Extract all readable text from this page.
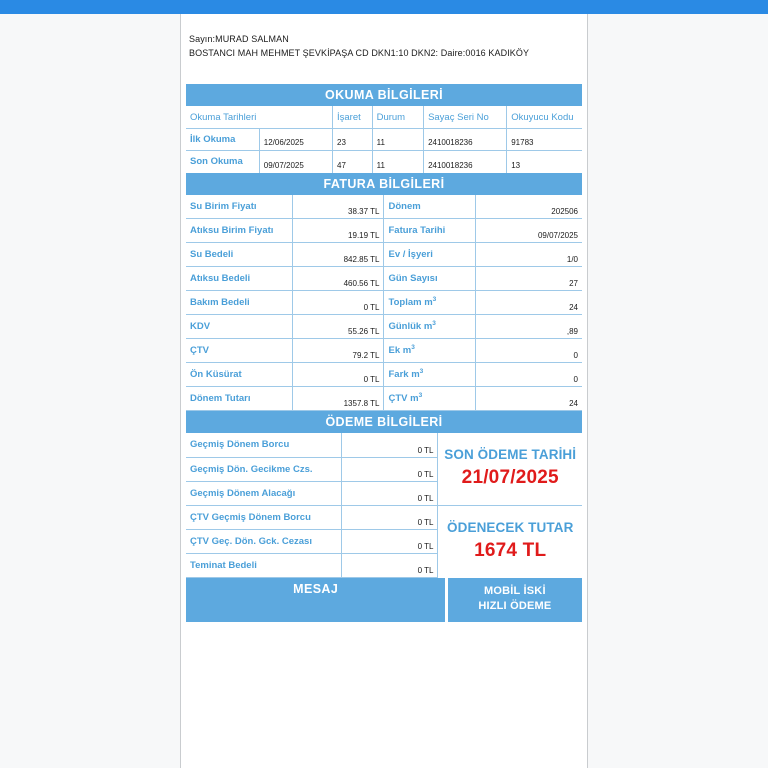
Sayın:MURAD SALMAN
BOSTANCI MAH MEHMET ŞEVKİPAŞA CD DKN1:10 DKN2: Daire:0016 KADIKÖY
OKUMA BİLGİLERİ
Okuma Tarihleri		İşaret	Durum	Sayaç Seri No	Okuyucu Kodu
İlk Okuma	12/06/2025	23	11	2410018236	91783
Son Okuma	09/07/2025	47	11	2410018236	13
FATURA BİLGİLERİ
Su Birim Fiyatı	38.37 TL	Dönem	202506
Atıksu Birim Fiyatı	19.19 TL	Fatura Tarihi	09/07/2025
Su Bedeli	842.85 TL	Ev / İşyeri	1/0
Atıksu Bedeli	460.56 TL	Gün Sayısı	27
Bakım Bedeli	0 TL	Toplam $m^3$	24
KDV	55.26 TL	Günlük $m^3$	,89
ÇTV	79.2 TL	Ek $m^3$	0
Ön Küsürat	0 TL	Fark $m^3$	0
Dönem Tutarı	1357.8 TL	ÇTV $m^3$	24
ÖDEME BİLGİLERİ
Geçmiş Dönem Borcu	0 TL
Geçmiş Dön. Gecikme Czs.	0 TL
Geçmiş Dönem Alacağı	0 TL
ÇTV Geçmiş Dönem Borcu	0 TL
ÇTV Geç. Dön. Gck. Cezası	0 TL
Teminat Bedeli	0 TL
SON ÖDEME TARİHİ
21/07/2025
ÖDENECEK TUTAR
1674 TL
MESAJ	MOBİL İSKİ
HIZLI ÖDEME
